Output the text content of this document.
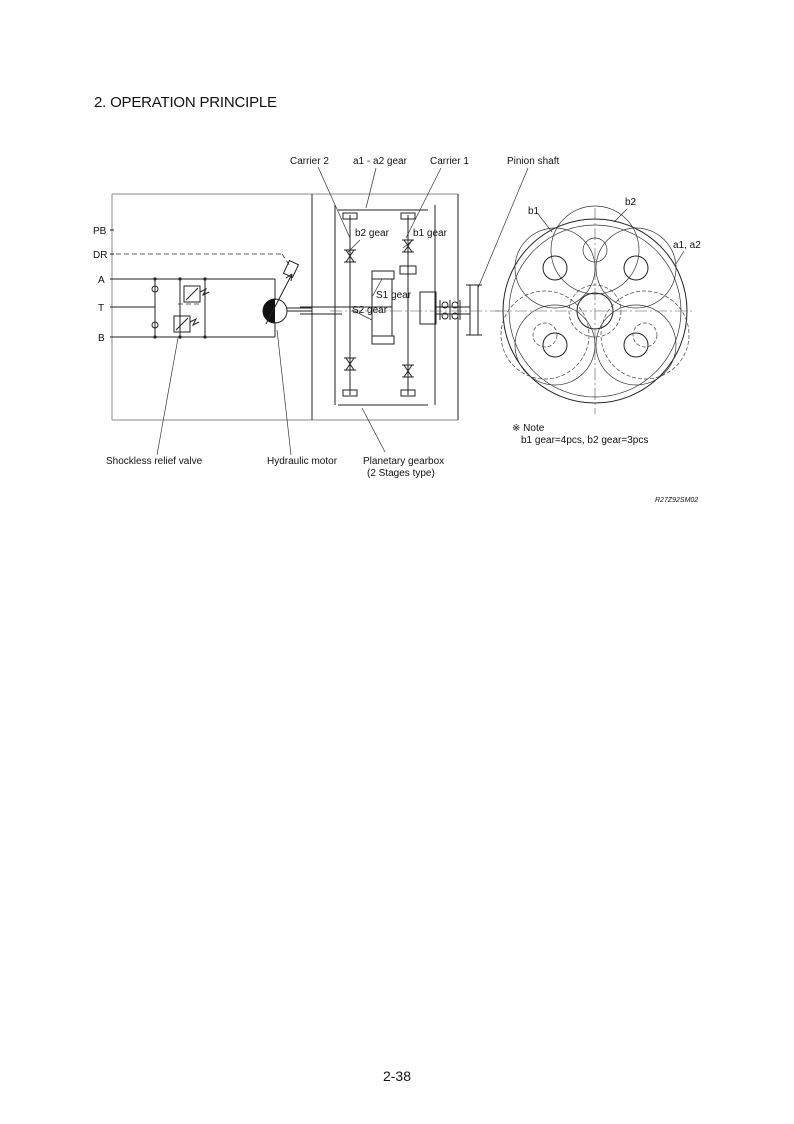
2. OPERATION PRINCIPLE
PB
DR
A
T
B
Carrier 2 a1 - a2 gear Carrier 1	Pinion shaft
b2 gear b1 gear
S1 gear
S2 gear
b1
b2
a1, a2
※ Note
b1 gear=4pcs, b2 gear=3pcs
Shockless relief valve	Hydraulic motor	Planetary gearbox
(2 Stages type)
R27Z92SM02
2-38
